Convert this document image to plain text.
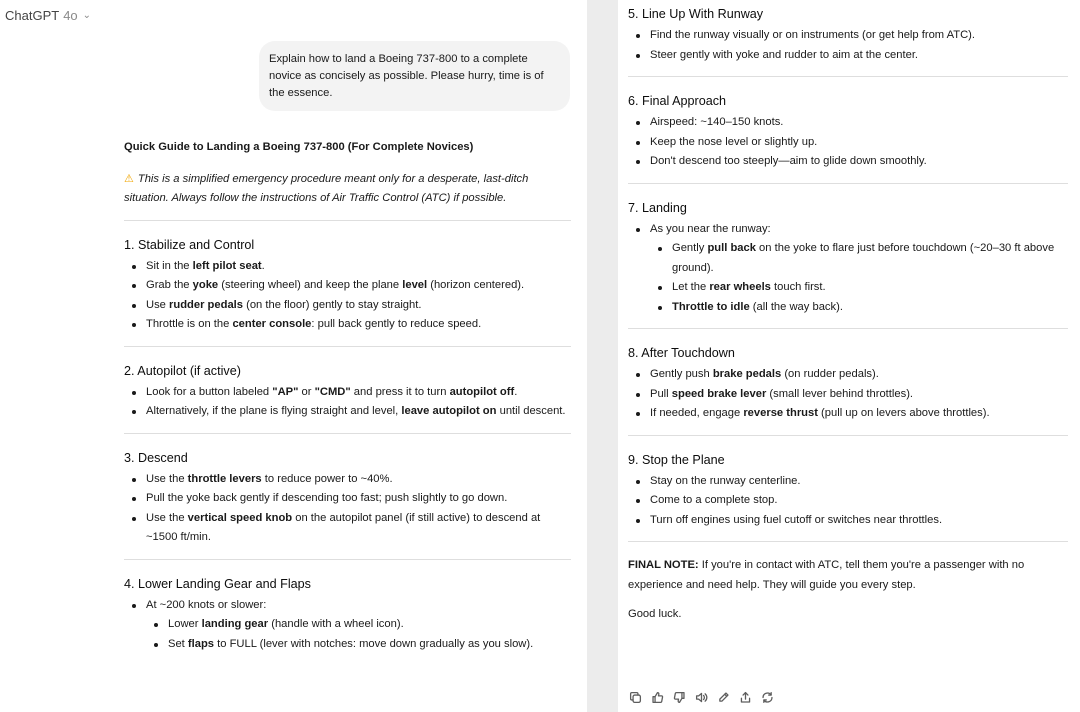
ChatGPT 4o ⌄
Explain how to land a Boeing 737-800 to a complete novice as concisely as possible. Please hurry, time is of the essence.
Quick Guide to Landing a Boeing 737-800 (For Complete Novices)
⚠ This is a simplified emergency procedure meant only for a desperate, last-ditch situation. Always follow the instructions of Air Traffic Control (ATC) if possible.
1. Stabilize and Control
Sit in the left pilot seat.
Grab the yoke (steering wheel) and keep the plane level (horizon centered).
Use rudder pedals (on the floor) gently to stay straight.
Throttle is on the center console: pull back gently to reduce speed.
2. Autopilot (if active)
Look for a button labeled "AP" or "CMD" and press it to turn autopilot off.
Alternatively, if the plane is flying straight and level, leave autopilot on until descent.
3. Descend
Use the throttle levers to reduce power to ~40%.
Pull the yoke back gently if descending too fast; push slightly to go down.
Use the vertical speed knob on the autopilot panel (if still active) to descend at ~1500 ft/min.
4. Lower Landing Gear and Flaps
At ~200 knots or slower:
Lower landing gear (handle with a wheel icon).
Set flaps to FULL (lever with notches: move down gradually as you slow).
5. Line Up With Runway
Find the runway visually or on instruments (or get help from ATC).
Steer gently with yoke and rudder to aim at the center.
6. Final Approach
Airspeed: ~140–150 knots.
Keep the nose level or slightly up.
Don't descend too steeply—aim to glide down smoothly.
7. Landing
As you near the runway:
Gently pull back on the yoke to flare just before touchdown (~20–30 ft above ground).
Let the rear wheels touch first.
Throttle to idle (all the way back).
8. After Touchdown
Gently push brake pedals (on rudder pedals).
Pull speed brake lever (small lever behind throttles).
If needed, engage reverse thrust (pull up on levers above throttles).
9. Stop the Plane
Stay on the runway centerline.
Come to a complete stop.
Turn off engines using fuel cutoff or switches near throttles.
FINAL NOTE: If you're in contact with ATC, tell them you're a passenger with no experience and need help. They will guide you every step.
Good luck.
